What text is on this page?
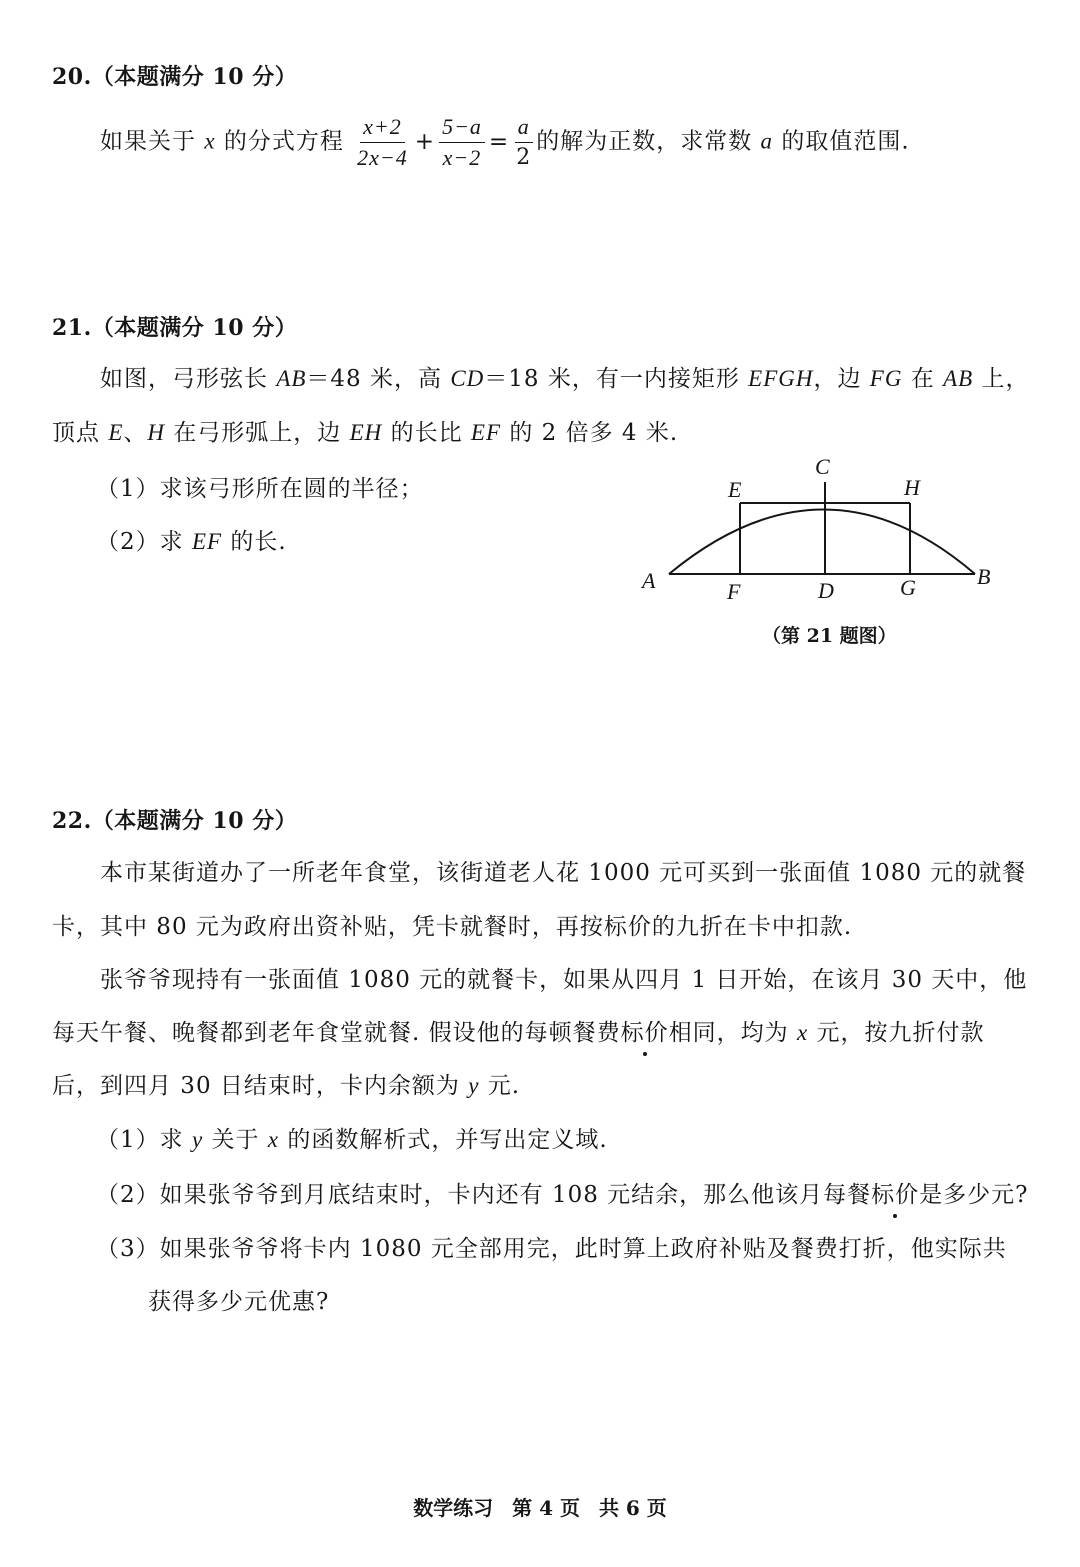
20.（本题满分 10 分）
如果关于 x 的分式方程 $\frac{x+2}{2x-4} + \frac{5-a}{x-2} = \frac{a}{2}$ 的解为正数，求常数 a 的取值范围.
21.（本题满分 10 分）
如图，弓形弦长 AB＝48 米，高 CD＝18 米，有一内接矩形 EFGH，边 FG 在 AB 上，
顶点 E、H 在弓形弧上，边 EH 的长比 EF 的 2 倍多 4 米.
（1）求该弓形所在圆的半径；
（2）求 EF 的长.
A	B
C
D
E
F	G
H
（第 21 题图）
22.（本题满分 10 分）
本市某街道办了一所老年食堂，该街道老人花 1000 元可买到一张面值 1080 元的就餐
卡，其中 80 元为政府出资补贴，凭卡就餐时，再按标价的九折在卡中扣款.
张爷爷现持有一张面值 1080 元的就餐卡，如果从四月 1 日开始，在该月 30 天中，他
每天午餐、晚餐都到老年食堂就餐. 假设他的每顿餐费标价相同，均为 x 元，按九折付款
后，到四月 30 日结束时，卡内余额为 y 元.
（1）求 y 关于 x 的函数解析式，并写出定义域.
（2）如果张爷爷到月底结束时，卡内还有 108 元结余，那么他该月每餐标价是多少元?
（3）如果张爷爷将卡内 1080 元全部用完，此时算上政府补贴及餐费打折，他实际共
获得多少元优惠?
数学练习 第 4 页 共 6 页
